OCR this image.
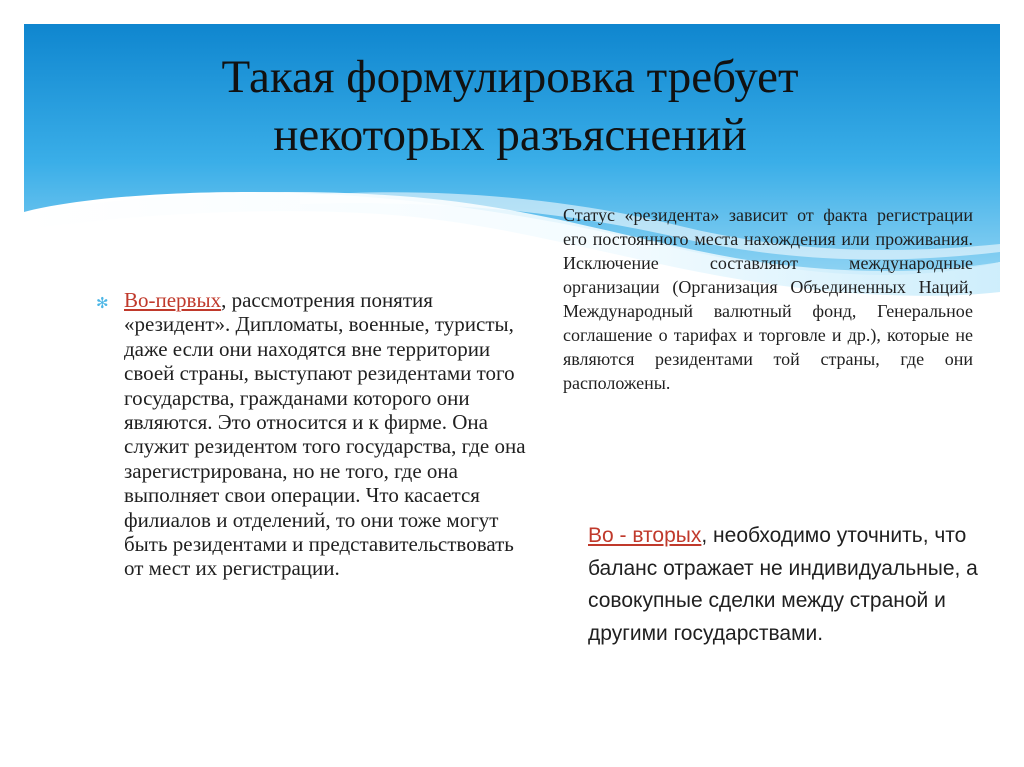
Такая формулировка требует
некоторых разъяснений
Статус «резидента» зависит от факта регистрации его постоянного места нахождения или проживания. Исключение составляют международные организации (Организация Объединенных Наций, Международный валютный фонд, Генеральное соглашение о тарифах и торговле и др.), которые не являются резидентами той страны, где они расположены.
✻ Во-первых, рассмотрения понятия «резидент». Дипломаты, военные, туристы, даже если они находятся вне территории своей страны, выступают резидентами того государства, гражданами которого они являются. Это относится и к фирме. Она служит резидентом того государства, где она зарегистрирована, но не того, где она выполняет свои операции. Что касается филиалов и отделений, то они тоже могут быть резидентами и представительствовать от мест их регистрации.
Во - вторых, необходимо уточнить, что баланс отражает не индивидуальные, а совокупные сделки между страной и другими государствами.
